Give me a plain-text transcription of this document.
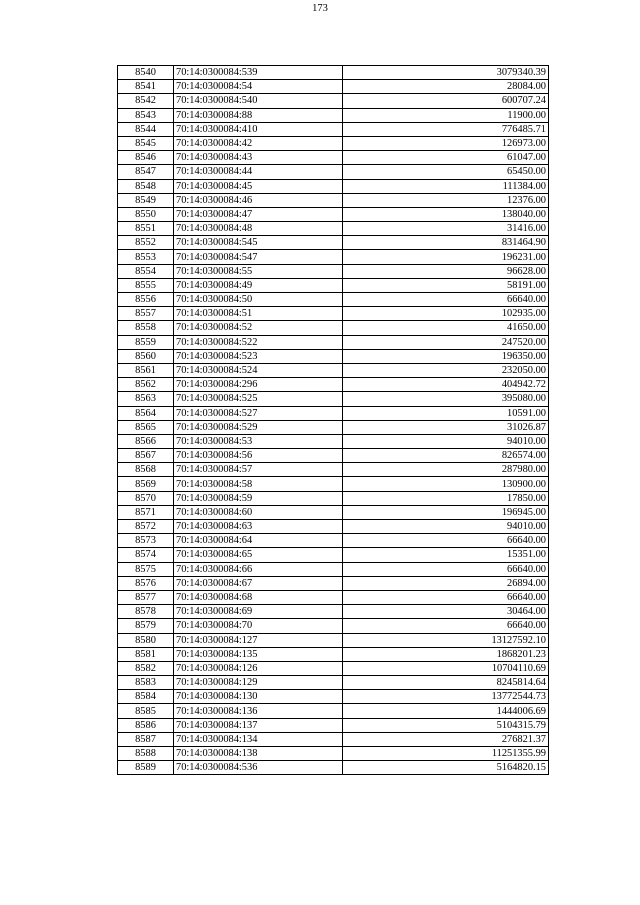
173
8540	70:14:0300084:539	3079340.39
8541	70:14:0300084:54	28084.00
8542	70:14:0300084:540	600707.24
8543	70:14:0300084:88	11900.00
8544	70:14:0300084:410	776485.71
8545	70:14:0300084:42	126973.00
8546	70:14:0300084:43	61047.00
8547	70:14:0300084:44	65450.00
8548	70:14:0300084:45	111384.00
8549	70:14:0300084:46	12376.00
8550	70:14:0300084:47	138040.00
8551	70:14:0300084:48	31416.00
8552	70:14:0300084:545	831464.90
8553	70:14:0300084:547	196231.00
8554	70:14:0300084:55	96628.00
8555	70:14:0300084:49	58191.00
8556	70:14:0300084:50	66640.00
8557	70:14:0300084:51	102935.00
8558	70:14:0300084:52	41650.00
8559	70:14:0300084:522	247520.00
8560	70:14:0300084:523	196350.00
8561	70:14:0300084:524	232050.00
8562	70:14:0300084:296	404942.72
8563	70:14:0300084:525	395080.00
8564	70:14:0300084:527	10591.00
8565	70:14:0300084:529	31026.87
8566	70:14:0300084:53	94010.00
8567	70:14:0300084:56	826574.00
8568	70:14:0300084:57	287980.00
8569	70:14:0300084:58	130900.00
8570	70:14:0300084:59	17850.00
8571	70:14:0300084:60	196945.00
8572	70:14:0300084:63	94010.00
8573	70:14:0300084:64	66640.00
8574	70:14:0300084:65	15351.00
8575	70:14:0300084:66	66640.00
8576	70:14:0300084:67	26894.00
8577	70:14:0300084:68	66640.00
8578	70:14:0300084:69	30464.00
8579	70:14:0300084:70	66640.00
8580	70:14:0300084:127	13127592.10
8581	70:14:0300084:135	1868201.23
8582	70:14:0300084:126	10704110.69
8583	70:14:0300084:129	8245814.64
8584	70:14:0300084:130	13772544.73
8585	70:14:0300084:136	1444006.69
8586	70:14:0300084:137	5104315.79
8587	70:14:0300084:134	276821.37
8588	70:14:0300084:138	11251355.99
8589	70:14:0300084:536	5164820.15
